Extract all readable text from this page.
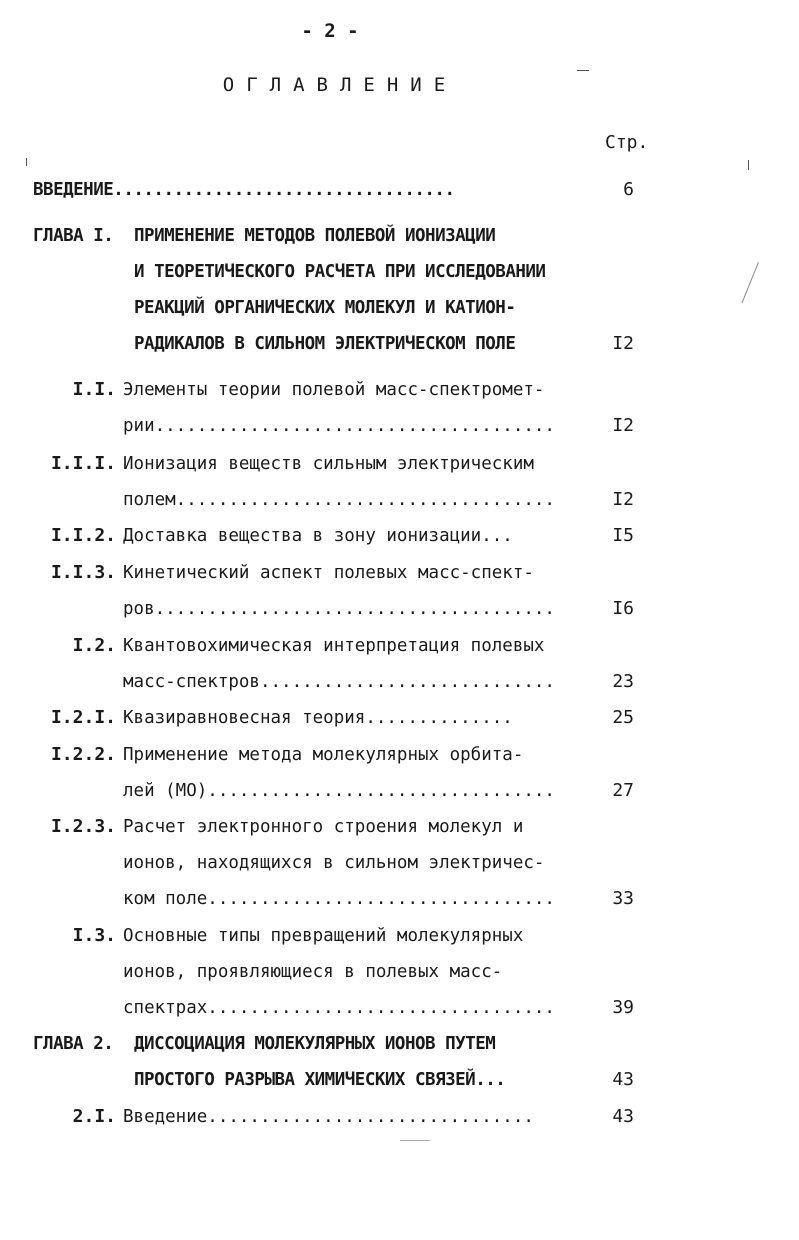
- 2 -
ОГЛАВЛЕНИЕ
Стр.
ВВЕДЕНИЕ..................................	6
ГЛАВА I. ПРИМЕНЕНИЕ МЕТОДОВ ПОЛЕВОЙ ИОНИЗАЦИИ
И ТЕОРЕТИЧЕСКОГО РАСЧЕТА ПРИ ИССЛЕДОВАНИИ
РЕАКЦИЙ ОРГАНИЧЕСКИХ МОЛЕКУЛ И КАТИОН-
РАДИКАЛОВ В СИЛЬНОМ ЭЛЕКТРИЧЕСКОМ ПОЛЕ	I2
I.I. Элементы теории полевой масс-спектромет-
рии......................................	I2
I.I.I. Ионизация веществ сильным электрическим
полем....................................	I2
I.I.2. Доставка вещества в зону ионизации...	I5
I.I.3. Кинетический аспект полевых масс-спект-
ров......................................	I6
I.2. Квантовохимическая интерпретация полевых
масс-спектров............................	23
I.2.I. Квазиравновесная теория..............	25
I.2.2. Применение метода молекулярных орбита-
лей (МО).................................	27
I.2.3. Расчет электронного строения молекул и
ионов, находящихся в сильном электричес-
ком поле.................................	33
I.3. Основные типы превращений молекулярных
ионов, проявляющиеся в полевых масс-
спектрах.................................	39
ГЛАВА 2. ДИССОЦИАЦИЯ МОЛЕКУЛЯРНЫХ ИОНОВ ПУТЕМ
ПРОСТОГО РАЗРЫВА ХИМИЧЕСКИХ СВЯЗЕЙ...	43
2.I. Введение...............................	43
